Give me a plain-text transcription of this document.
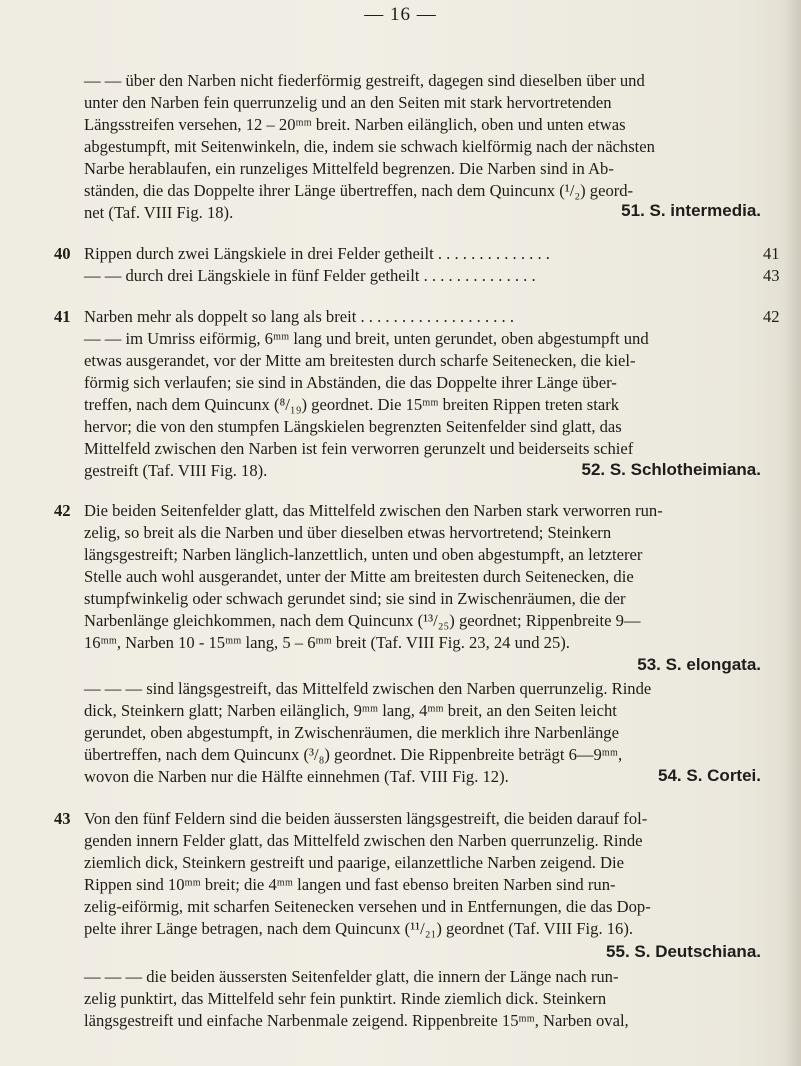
— 16 —
— — über den Narben nicht fiederförmig gestreift, dagegen sind dieselben über und
unter den Narben fein querrunzelig und an den Seiten mit stark hervortretenden
Längsstreifen versehen, 12 – 20ᵐᵐ breit. Narben eilänglich, oben und unten etwas
abgestumpft, mit Seitenwinkeln, die, indem sie schwach kielförmig nach der nächsten
Narbe herablaufen, ein runzeliges Mittelfeld begrenzen. Die Narben sind in Ab-
ständen, die das Doppelte ihrer Länge übertreffen, nach dem Quincunx (¹/₂) geord-
net (Taf. VIII Fig. 18).	51. S. intermedia.
40 Rippen durch zwei Längskiele in drei Felder getheilt . . . . . . . . . . . . . .	41
— — durch drei Längskiele in fünf Felder getheilt . . . . . . . . . . . . . .	43
41 Narben mehr als doppelt so lang als breit . . . . . . . . . . . . . . . . . . .	42
— — im Umriss eiförmig, 6ᵐᵐ lang und breit, unten gerundet, oben abgestumpft und
etwas ausgerandet, vor der Mitte am breitesten durch scharfe Seitenecken, die kiel-
förmig sich verlaufen; sie sind in Abständen, die das Doppelte ihrer Länge über-
treffen, nach dem Quincunx (⁸/₁₉) geordnet. Die 15ᵐᵐ breiten Rippen treten stark
hervor; die von den stumpfen Längskielen begrenzten Seitenfelder sind glatt, das
Mittelfeld zwischen den Narben ist fein verworren gerunzelt und beiderseits schief
gestreift (Taf. VIII Fig. 18).	52. S. Schlotheimiana.
42 Die beiden Seitenfelder glatt, das Mittelfeld zwischen den Narben stark verworren run-
zelig, so breit als die Narben und über dieselben etwas hervortretend; Steinkern
längsgestreift; Narben länglich-lanzettlich, unten und oben abgestumpft, an letzterer
Stelle auch wohl ausgerandet, unter der Mitte am breitesten durch Seitenecken, die
stumpfwinkelig oder schwach gerundet sind; sie sind in Zwischenräumen, die der
Narbenlänge gleichkommen, nach dem Quincunx (¹³/₂₅) geordnet; Rippenbreite 9—
16ᵐᵐ, Narben 10 - 15ᵐᵐ lang, 5 – 6ᵐᵐ breit (Taf. VIII Fig. 23, 24 und 25).
53. S. elongata.
— — — sind längsgestreift, das Mittelfeld zwischen den Narben querrunzelig. Rinde
dick, Steinkern glatt; Narben eilänglich, 9ᵐᵐ lang, 4ᵐᵐ breit, an den Seiten leicht
gerundet, oben abgestumpft, in Zwischenräumen, die merklich ihre Narbenlänge
übertreffen, nach dem Quincunx (³/₈) geordnet. Die Rippenbreite beträgt 6—9ᵐᵐ,
wovon die Narben nur die Hälfte einnehmen (Taf. VIII Fig. 12).	54. S. Cortei.
43 Von den fünf Feldern sind die beiden äussersten längsgestreift, die beiden darauf fol-
genden innern Felder glatt, das Mittelfeld zwischen den Narben querrunzelig. Rinde
ziemlich dick, Steinkern gestreift und paarige, eilanzettliche Narben zeigend. Die
Rippen sind 10ᵐᵐ breit; die 4ᵐᵐ langen und fast ebenso breiten Narben sind run-
zelig-eiförmig, mit scharfen Seitenecken versehen und in Entfernungen, die das Dop-
pelte ihrer Länge betragen, nach dem Quincunx (¹¹/₂₁) geordnet (Taf. VIII Fig. 16).
55. S. Deutschiana.
— — — die beiden äussersten Seitenfelder glatt, die innern der Länge nach run-
zelig punktirt, das Mittelfeld sehr fein punktirt. Rinde ziemlich dick. Steinkern
längsgestreift und einfache Narbenmale zeigend. Rippenbreite 15ᵐᵐ, Narben oval,
